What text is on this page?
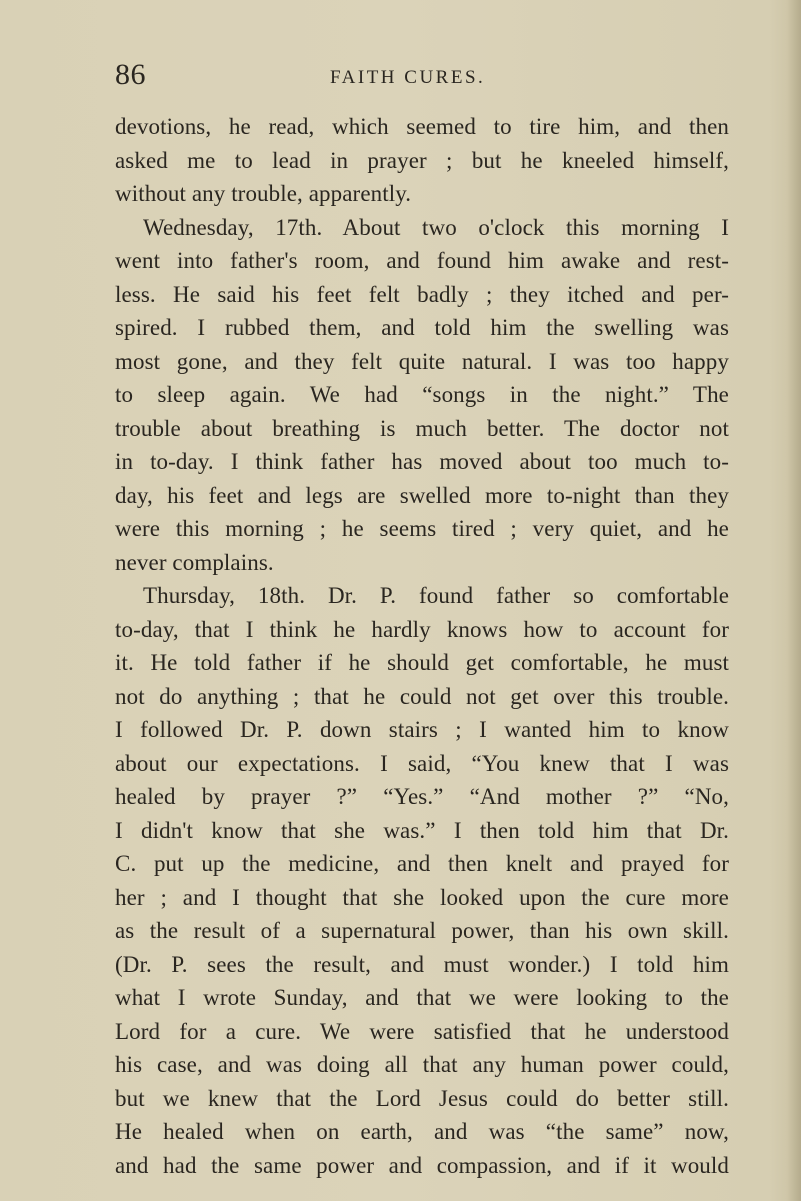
86	FAITH CURES.
devotions, he read, which seemed to tire him, and then
asked me to lead in prayer ; but he kneeled himself,
without any trouble, apparently.
Wednesday, 17th. About two o'clock this morning I
went into father's room, and found him awake and rest-
less. He said his feet felt badly ; they itched and per-
spired. I rubbed them, and told him the swelling was
most gone, and they felt quite natural. I was too happy
to sleep again. We had “songs in the night.” The
trouble about breathing is much better. The doctor not
in to-day. I think father has moved about too much to-
day, his feet and legs are swelled more to-night than they
were this morning ; he seems tired ; very quiet, and he
never complains.
Thursday, 18th. Dr. P. found father so comfortable
to-day, that I think he hardly knows how to account for
it. He told father if he should get comfortable, he must
not do anything ; that he could not get over this trouble.
I followed Dr. P. down stairs ; I wanted him to know
about our expectations. I said, “You knew that I was
healed by prayer ?” “Yes.” “And mother ?” “No,
I didn't know that she was.” I then told him that Dr.
C. put up the medicine, and then knelt and prayed for
her ; and I thought that she looked upon the cure more
as the result of a supernatural power, than his own skill.
(Dr. P. sees the result, and must wonder.) I told him
what I wrote Sunday, and that we were looking to the
Lord for a cure. We were satisfied that he understood
his case, and was doing all that any human power could,
but we knew that the Lord Jesus could do better still.
He healed when on earth, and was “the same” now,
and had the same power and compassion, and if it would
